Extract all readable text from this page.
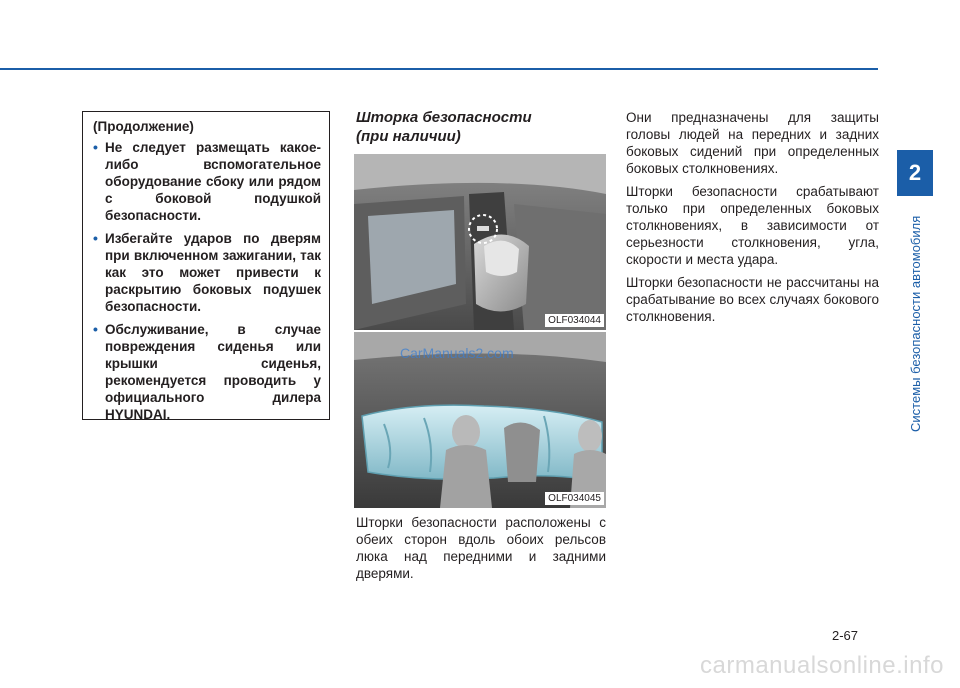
2
Системы безопасности автомобиля
(Продолжение)
• Не следует размещать какое-либо вспомогательное оборудование сбоку или рядом с боковой подушкой безопасности.
• Избегайте ударов по дверям при включенном зажигании, так как это может привести к раскрытию боковых подушек безопасности.
• Обслуживание, в случае повреждения сиденья или крышки сиденья, рекомендуется проводить у официального дилера HYUNDAI.
Шторка безопасности
(при наличии)
OLF034044
OLF034045
CarManuals2.com
Шторки безопасности расположены с обеих сторон вдоль обоих рельсов люка над передними и задними дверями.

Они предназначены для защиты головы людей на передних и задних боковых сидений при определенных боковых столкновениях.

Шторки безопасности срабатывают только при определенных боковых столкновениях, в зависимости от серьезности столкновения, угла, скорости и места удара.

Шторки безопасности не рассчитаны на срабатывание во всех случаях бокового столкновения.

2-67
carmanualsonline.info
